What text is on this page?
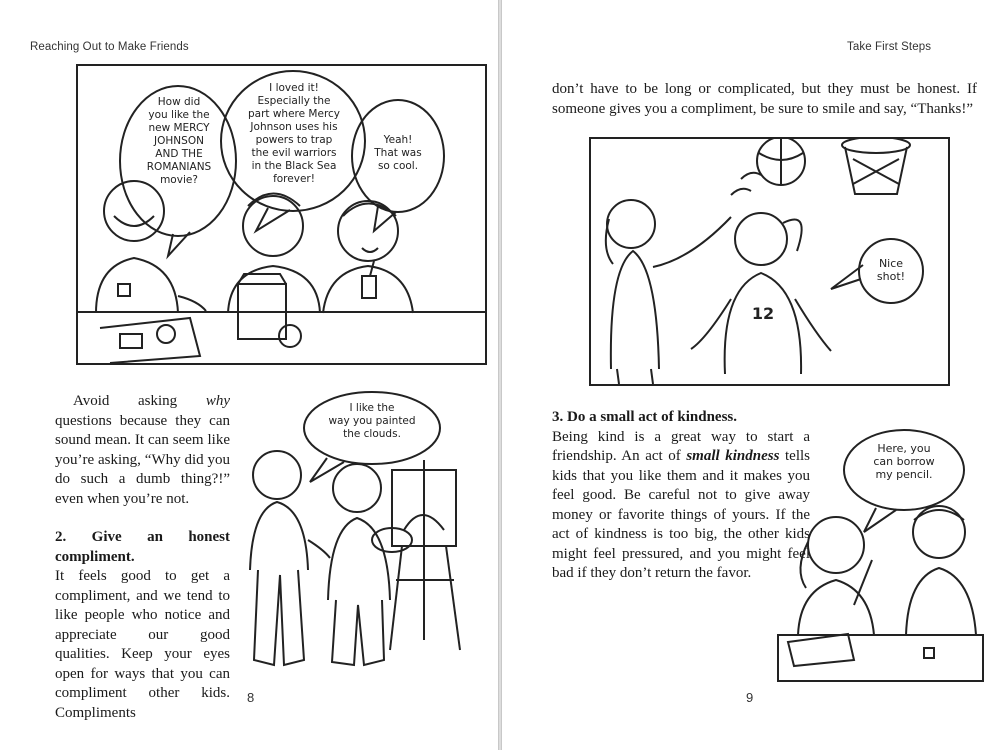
Reaching Out to Make Friends
How did
you like the
new MERCY
JOHNSON
AND THE
ROMANIANS
movie?
I loved it!
Especially the
part where Mercy
Johnson uses his
powers to trap
the evil warriors
in the Black Sea
forever!
Yeah!
That was
so cool.

Avoid asking why questions because they can sound mean. It can seem like you’re asking, “Why did you do such a dumb thing?!” even when you’re not.

2. Give an honest compliment.

It feels good to get a compliment, and we tend to like people who notice and appreciate our good qualities. Keep your eyes open for ways that you can compliment other kids. Compliments

I like the
way you painted
the clouds.
8
Take First Steps

don’t have to be long or complicated, but they must be honest. If someone gives you a compliment, be sure to smile and say, “Thanks!”

Nice
shot!
12

3. Do a small act of kindness.

Being kind is a great way to start a friendship. An act of small kindness tells kids that you like them and it makes you feel good. Be careful not to give away money or favorite things of yours. If the act of kindness is too big, the other kids might feel pressured, and you might feel bad if they don’t return the favor.

Here, you
can borrow
my pencil.
9
